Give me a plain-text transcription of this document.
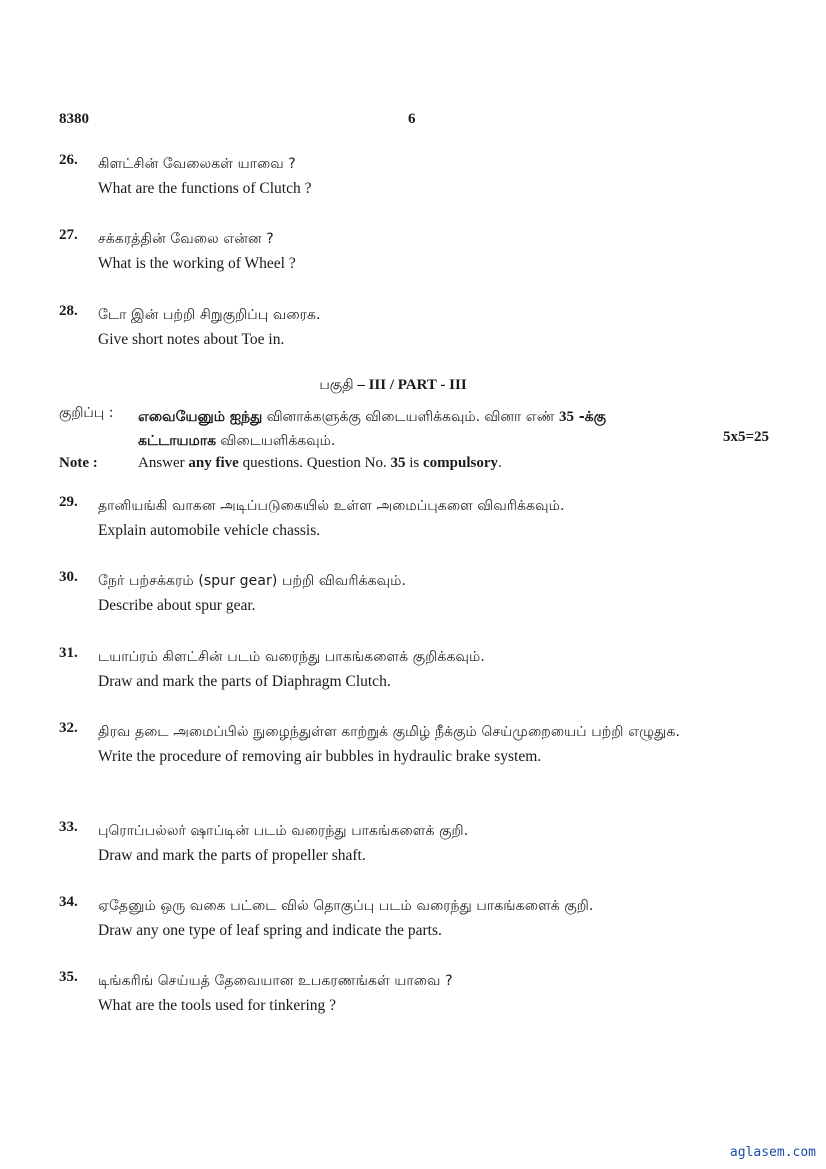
8380	6
26. கிளட்சின் வேலைகள் யாவை ?
What are the functions of Clutch ?
27. சக்கரத்தின் வேலை என்ன ?
What is the working of Wheel ?
28. டோ இன் பற்றி சிறுகுறிப்பு வரைக.
Give short notes about Toe in.
பகுதி – III / PART - III
குறிப்பு : எவையேனும் ஐந்து வினாக்களுக்கு விடையளிக்கவும். வினா எண் 35 -க்கு
கட்டாயமாக விடையளிக்கவும்.	5x5=25
Note :	Answer any five questions. Question No. 35 is compulsory.
29. தானியங்கி வாகன அடிப்படுகையில் உள்ள அமைப்புகளை விவரிக்கவும்.
Explain automobile vehicle chassis.
30. நேர் பற்சக்கரம் (spur gear) பற்றி விவரிக்கவும்.
Describe about spur gear.
31. டயாப்ரம் கிளட்சின் படம் வரைந்து பாகங்களைக் குறிக்கவும்.
Draw and mark the parts of Diaphragm Clutch.
32. திரவ தடை அமைப்பில் நுழைந்துள்ள காற்றுக் குமிழ் நீக்கும் செய்முறையைப் பற்றி எழுதுக.
Write the procedure of removing air bubbles in hydraulic brake system.
33. புரொப்பல்லர் ஷாப்டின் படம் வரைந்து பாகங்களைக் குறி.
Draw and mark the parts of propeller shaft.
34. ஏதேனும் ஒரு வகை பட்டை வில் தொகுப்பு படம் வரைந்து பாகங்களைக் குறி.
Draw any one type of leaf spring and indicate the parts.
35. டிங்கரிங் செய்யத் தேவையான உபகரணங்கள் யாவை ?
What are the tools used for tinkering ?
aglasem.com
